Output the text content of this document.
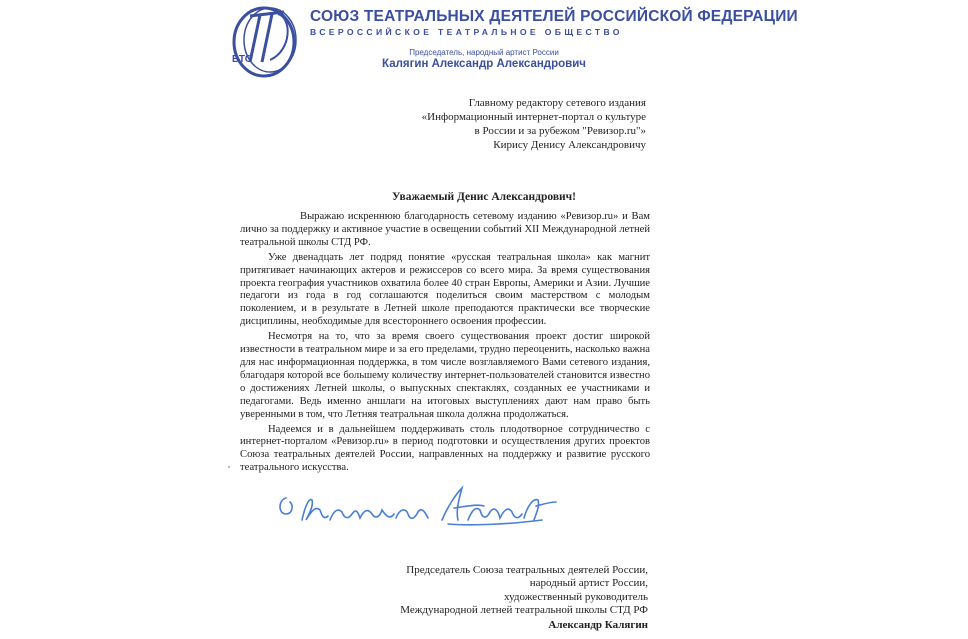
ВТО
СОЮЗ ТЕАТРАЛЬНЫХ ДЕЯТЕЛЕЙ РОССИЙСКОЙ ФЕДЕРАЦИИ
ВСЕРОССИЙСКОЕ ТЕАТРАЛЬНОЕ ОБЩЕСТВО
Председатель, народный артист России
Калягин Александр Александрович
Главному редактору сетевого издания
«Информационный интернет-портал о культуре
в России и за рубежом "Ревизор.ru"»
Кирису Денису Александровичу
Уважаемый Денис Александрович!

Выражаю искреннюю благодарность сетевому изданию «Ревизор.ru» и Вам лично за поддержку и активное участие в освещении событий XII Международной летней театральной школы СТД РФ.

Уже двенадцать лет подряд понятие «русская театральная школа» как магнит притягивает начинающих актеров и режиссеров со всего мира. За время существования проекта география участников охватила более 40 стран Европы, Америки и Азии. Лучшие педагоги из года в год соглашаются поделиться своим мастерством с молодым поколением, и в результате в Летней школе преподаются практически все творческие дисциплины, необходимые для всестороннего освоения профессии.

Несмотря на то, что за время своего существования проект достиг широкой известности в театральном мире и за его пределами, трудно переоценить, насколько важна для нас информационная поддержка, в том числе возглавляемого Вами сетевого издания, благодаря которой все большему количеству интернет-пользователей становится известно о достижениях Летней школы, о выпускных спектаклях, созданных ее участниками и педагогами. Ведь именно аншлаги на итоговых выступлениях дают нам право быть уверенными в том, что Летняя театральная школа должна продолжаться.

Надеемся и в дальнейшем поддерживать столь плодотворное сотрудничество с интернет-порталом «Ревизор.ru» в период подготовки и осуществления других проектов Союза театральных деятелей России, направленных на поддержку и развитие русского театрального искусства.

Председатель Союза театральных деятелей России,
народный артист России,
художественный руководитель
Международной летней театральной школы СТД РФ
Александр Калягин
